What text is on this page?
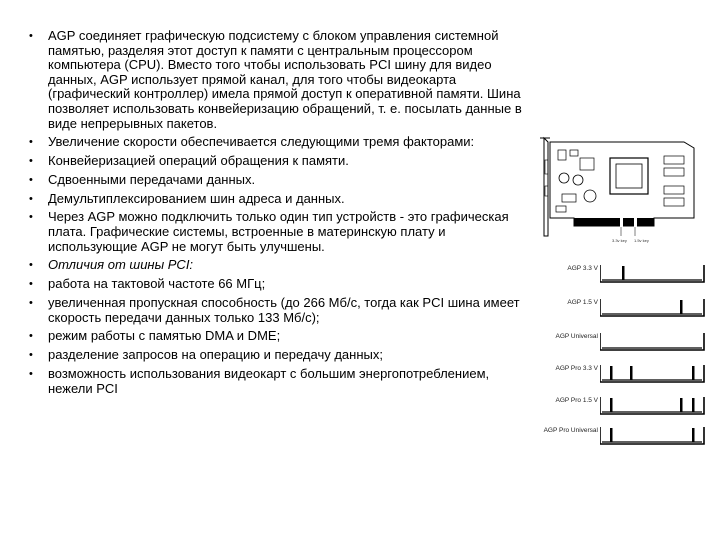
• AGP соединяет графическую подсистему с блоком управления системной памятью, разделяя этот доступ к памяти с центральным процессором компьютера (CPU). Вместо того чтобы использовать PCI шину для видео данных, AGP использует прямой канал, для того чтобы видеокарта (графический контроллер) имела прямой доступ к оперативной памяти. Шина позволяет использовать конвейеризацию обращений, т. е. посылать данные в виде непрерывных пакетов.
• Увеличение скорости обеспечивается следующими тремя факторами:
• Конвейеризацией операций обращения к памяти.
• Сдвоенными передачами данных.
• Демультиплексированием шин адреса и данных.
• Через AGP можно подключить только один тип устройств - это графическая плата. Графические системы, встроенные в материнскую плату и использующие AGP не могут быть улучшены.
• Отличия от шины PCI:
• работа на тактовой частоте 66 МГц;
• увеличенная пропускная способность (до 266 Мб/с, тогда как PCI шина имеет скорость передачи данных только 133 Мб/с);
• режим работы с памятью DMA и DME;
• разделение запросов на операцию и передачу данных;
• возможность использования видеокарт с большим энергопотреблением, нежели PCI
3.3v key 1.5v key
AGP 3.3 V
AGP 1.5 V
AGP Universal
AGP Pro 3.3 V
AGP Pro 1.5 V
AGP Pro Universal
